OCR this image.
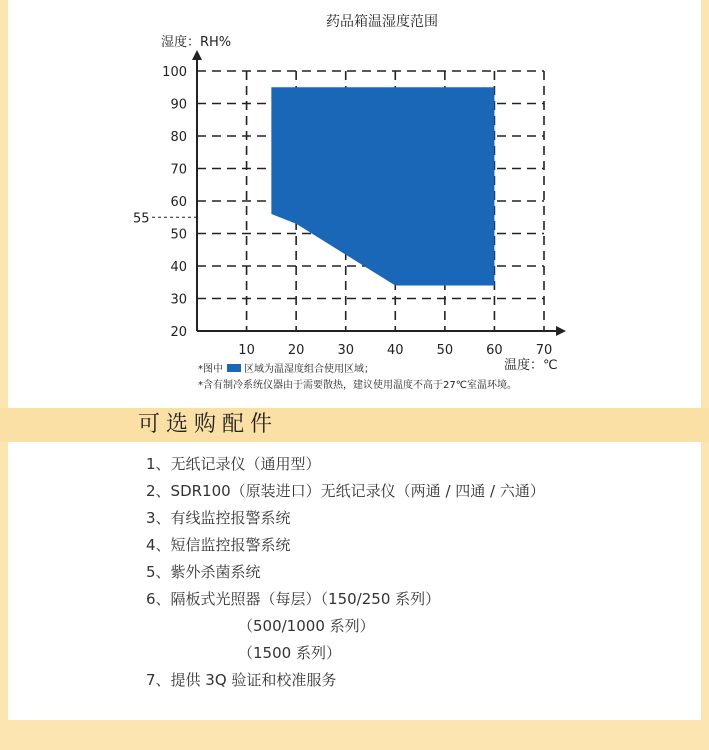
10	20	30	40	50	60	70
20
30
40
50
60
70
80
90
100
55
药品箱温湿度范围
湿度：RH%
温度：℃
*图中 区域为温湿度组合使用区域；
*含有制冷系统仪器由于需要散热，建议使用温度不高于27℃室温环境。
可选购配件
1、无纸记录仪（通用型）
2、SDR100（原装进口）无纸记录仪（两通 / 四通 / 六通）
3、有线监控报警系统
4、短信监控报警系统
5、紫外杀菌系统
6、隔板式光照器（每层）（150/250 系列）
（500/1000 系列）
（1500 系列）
7、提供 3Q 验证和校准服务
